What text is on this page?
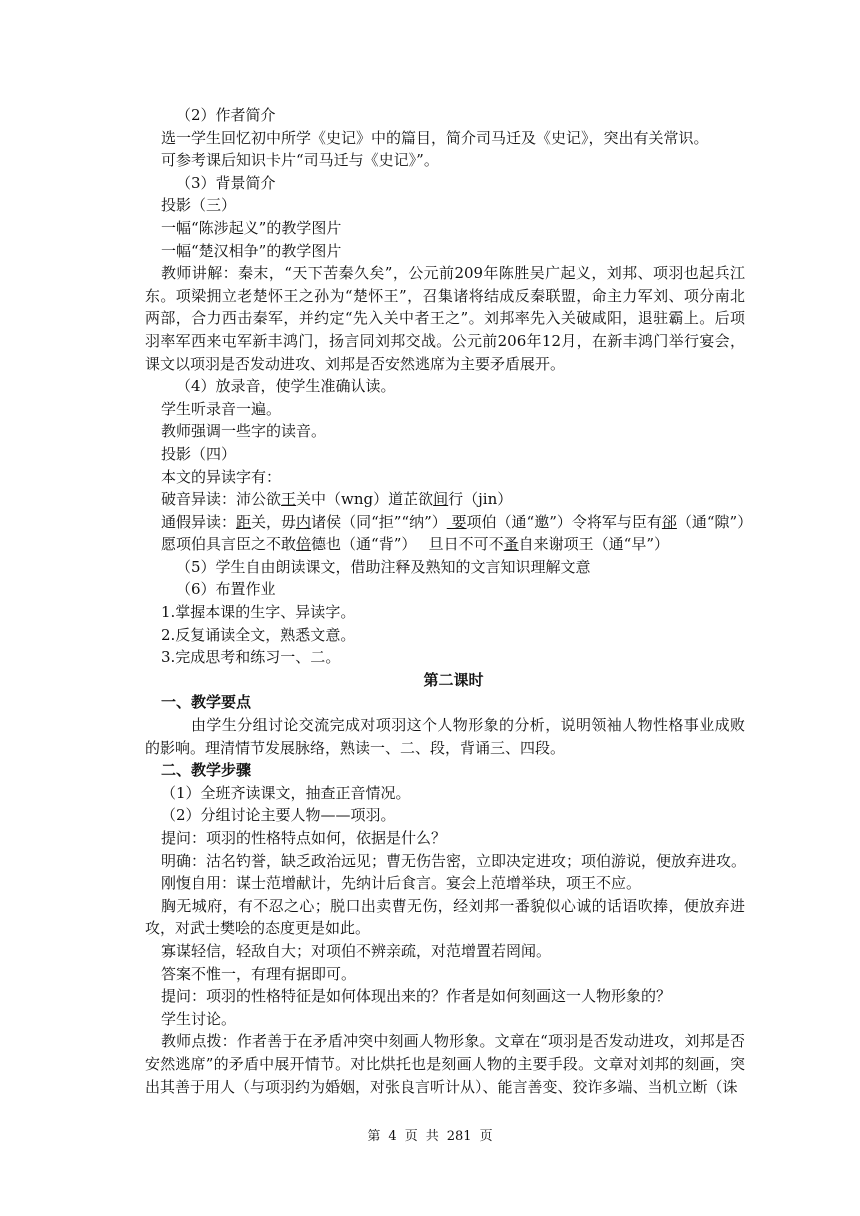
（2）作者简介

选一学生回忆初中所学《史记》中的篇目，简介司马迁及《史记》，突出有关常识。

可参考课后知识卡片“司马迁与《史记》”。

（3）背景简介

投影（三）

一幅“陈涉起义”的教学图片

一幅“楚汉相争”的教学图片

教师讲解：秦末，“天下苦秦久矣”，公元前209年陈胜吴广起义，刘邦、项羽也起兵江东。项梁拥立老楚怀王之孙为“楚怀王”，召集诸将结成反秦联盟，命主力军刘、项分南北两部，合力西击秦军，并约定“先入关中者王之”。刘邦率先入关破咸阳，退驻霸上。后项羽率军西来屯军新丰鸿门，扬言同刘邦交战。公元前206年12月，在新丰鸿门举行宴会，课文以项羽是否发动进攻、刘邦是否安然逃席为主要矛盾展开。

（4）放录音，使学生准确认读。

学生听录音一遍。

教师强调一些字的读音。

投影（四）

本文的异读字有：

破音异读：沛公欲王关中（wng）道芷欲间行（jin）

通假异读：距关，毋内诸侯（同“拒”“纳”） 要项伯（通“邀”）令将军与臣有郤（通“隙”）

愿项伯具言臣之不敢倍德也（通“背”）　 旦日不可不蚤自来谢项王（通“早”）

（5）学生自由朗读课文，借助注释及熟知的文言知识理解文意

（6）布置作业

1.掌握本课的生字、异读字。

2.反复诵读全文，熟悉文意。

3.完成思考和练习一、二。

第二课时

一、教学要点

由学生分组讨论交流完成对项羽这个人物形象的分析，说明领袖人物性格事业成败的影响。理清情节发展脉络，熟读一、二、段，背诵三、四段。

二、教学步骤

（1）全班齐读课文，抽查正音情况。

（2）分组讨论主要人物——项羽。

提问：项羽的性格特点如何，依据是什么？

明确：沽名钓誉，缺乏政治远见；曹无伤告密，立即决定进攻；项伯游说，便放弃进攻。

刚愎自用：谋士范增献计，先纳计后食言。宴会上范增举玦，项王不应。

胸无城府，有不忍之心；脱口出卖曹无伤，经刘邦一番貌似心诚的话语吹捧，便放弃进攻，对武士樊哙的态度更是如此。

寡谋轻信，轻敌自大；对项伯不辨亲疏，对范增置若罔闻。

答案不惟一，有理有据即可。

提问：项羽的性格特征是如何体现出来的？作者是如何刻画这一人物形象的？

学生讨论。

教师点拨：作者善于在矛盾冲突中刻画人物形象。文章在“项羽是否发动进攻，刘邦是否安然逃席”的矛盾中展开情节。对比烘托也是刻画人物的主要手段。文章对刘邦的刻画，突出其善于用人（与项羽约为婚姻，对张良言听计从）、能言善变、狡诈多端、当机立断（诛

第 4 页 共 281 页
